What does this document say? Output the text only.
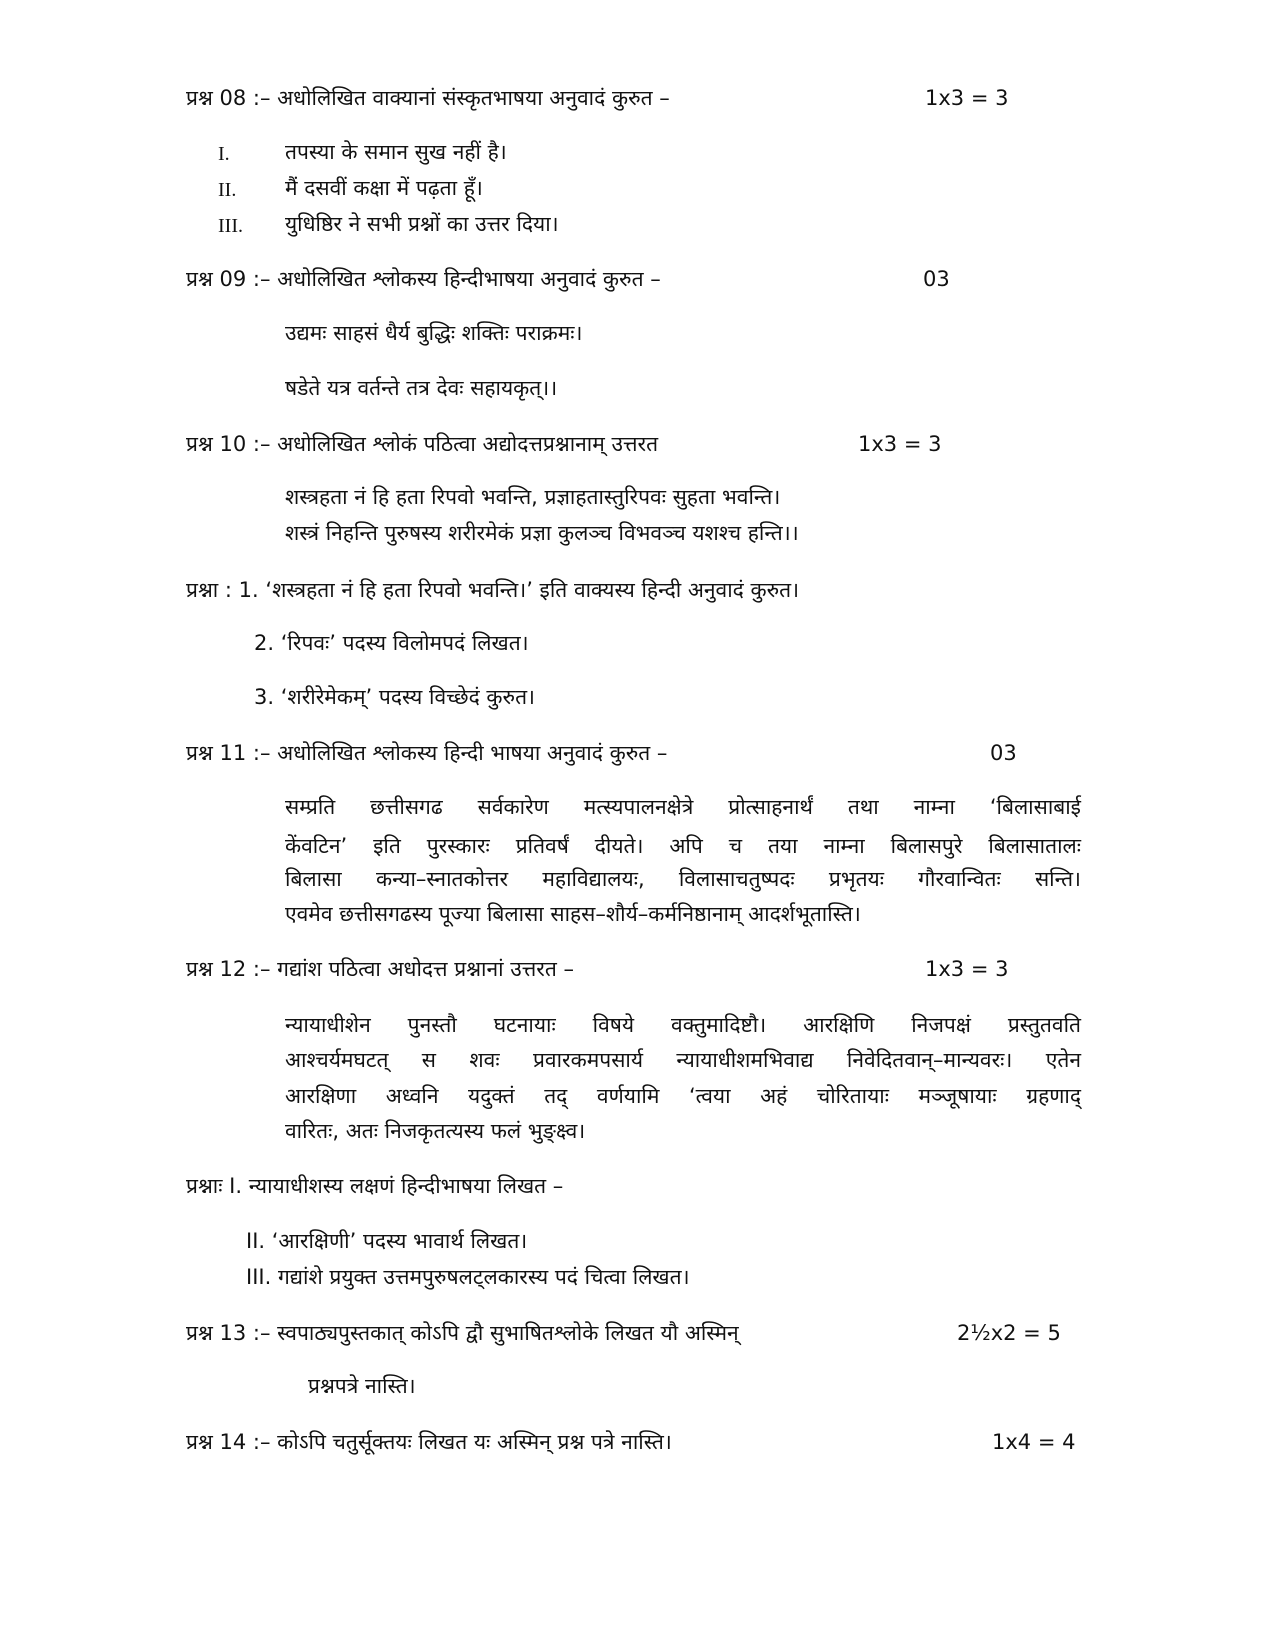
प्रश्न 08 :– अधोलिखित वाक्यानां संस्कृतभाषया अनुवादं कुरुत –	1x3 = 3
I.	तपस्या के समान सुख नहीं है।
II. मैं दसवीं कक्षा में पढ़ता हूँ।
III. युधिष्ठिर ने सभी प्रश्नों का उत्तर दिया।
प्रश्न 09 :– अधोलिखित श्लोकस्य हिन्दीभाषया अनुवादं कुरुत –	03
उद्यमः साहसं धैर्य बुद्धिः शक्तिः पराक्रमः।
षडेते यत्र वर्तन्ते तत्र देवः सहायकृत्।।
प्रश्न 10 :– अधोलिखित श्लोकं पठित्वा अद्योदत्तप्रश्नानाम् उत्तरत	1x3 = 3
शस्त्रहता नं हि हता रिपवो भवन्ति, प्रज्ञाहतास्तुरिपवः सुहता भवन्ति।
शस्त्रं निहन्ति पुरुषस्य शरीरमेकं प्रज्ञा कुलञ्च विभवञ्च यशश्च हन्ति।।
प्रश्ना : 1. ‘शस्त्रहता नं हि हता रिपवो भवन्ति।’ इति वाक्यस्य हिन्दी अनुवादं कुरुत।
2. ‘रिपवः’ पदस्य विलोमपदं लिखत।
3. ‘शरीरेमेकम्’ पदस्य विच्छेदं कुरुत।
प्रश्न 11 :– अधोलिखित श्लोकस्य हिन्दी भाषया अनुवादं कुरुत –	03
सम्प्रति छत्तीसगढ सर्वकारेण मत्स्यपालनक्षेत्रे प्रोत्साहनार्थं तथा नाम्ना ‘बिलासाबाई
केंवटिन’ इति पुरस्कारः प्रतिवर्षं दीयते। अपि च तया नाम्ना बिलासपुरे बिलासातालः
बिलासा कन्या–स्नातकोत्तर महाविद्यालयः, विलासाचतुष्पदः प्रभृतयः गौरवान्वितः सन्ति।
एवमेव छत्तीसगढस्य पूज्या बिलासा साहस–शौर्य–कर्मनिष्ठानाम् आदर्शभूतास्ति।
प्रश्न 12 :– गद्यांश पठित्वा अधोदत्त प्रश्नानां उत्तरत –	1x3 = 3
न्यायाधीशेन पुनस्तौ घटनायाः विषये वक्तुमादिष्टौ। आरक्षिणि निजपक्षं प्रस्तुतवति
आश्चर्यमघटत् स शवः प्रवारकमपसार्य न्यायाधीशमभिवाद्य निवेदितवान्–मान्यवरः। एतेन
आरक्षिणा अध्वनि यदुक्तं तद् वर्णयामि ‘त्वया अहं चोरितायाः मञ्जूषायाः ग्रहणाद्
वारितः, अतः निजकृतत्यस्य फलं भुङ्क्ष्व।
प्रश्नाः I. न्यायाधीशस्य लक्षणं हिन्दीभाषया लिखत –
II. ‘आरक्षिणी’ पदस्य भावार्थ लिखत।
III. गद्यांशे प्रयुक्त उत्तमपुरुषलट्लकारस्य पदं चित्वा लिखत।
प्रश्न 13 :– स्वपाठ्यपुस्तकात् कोऽपि द्वौ सुभाषितश्लोके लिखत यौ अस्मिन्	2½x2 = 5
प्रश्नपत्रे नास्ति।
प्रश्न 14 :– कोऽपि चतुर्सूक्तयः लिखत यः अस्मिन् प्रश्न पत्रे नास्ति।	1x4 = 4
